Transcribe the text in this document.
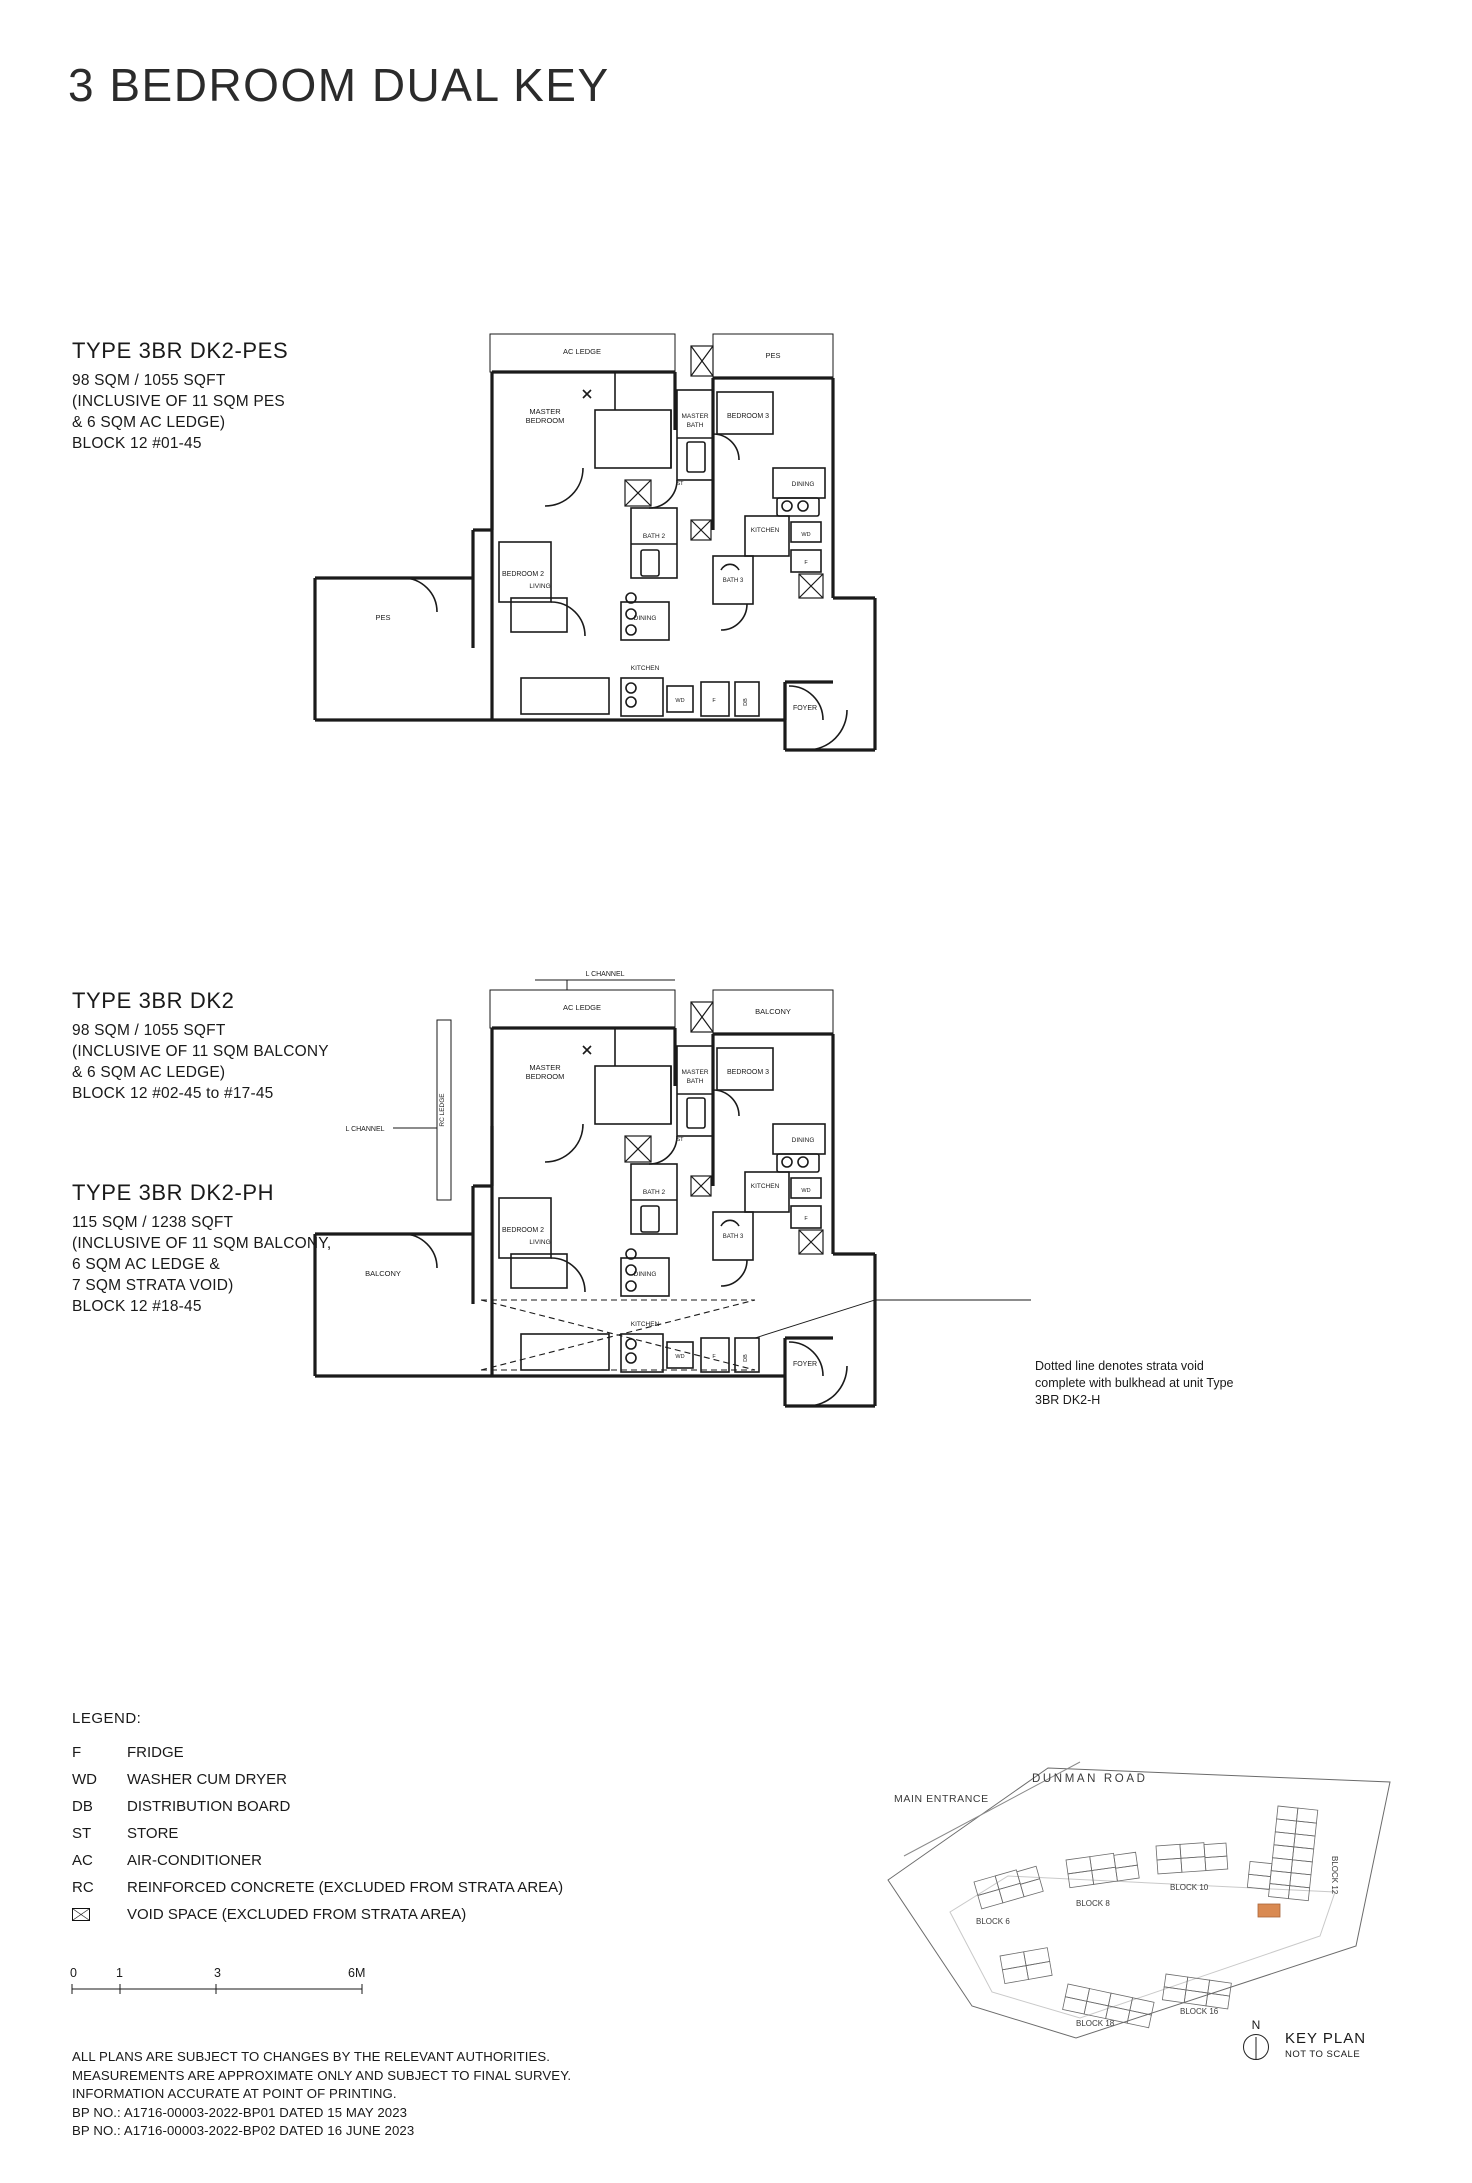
3 BEDROOM DUAL KEY
TYPE 3BR DK2-PES
98 SQM / 1055 SQFT
(INCLUSIVE OF 11 SQM PES
& 6 SQM AC LEDGE)
BLOCK 12 #01-45
TYPE 3BR DK2
98 SQM / 1055 SQFT
(INCLUSIVE OF 11 SQM BALCONY
& 6 SQM AC LEDGE)
BLOCK 12 #02-45 to #17-45
TYPE 3BR DK2-PH
115 SQM / 1238 SQFT
(INCLUSIVE OF 11 SQM BALCONY,
6 SQM AC LEDGE &
7 SQM STRATA VOID)
BLOCK 12 #18-45
AC LEDGE	PES
MASTER
BEDROOM	MASTER
BATH
BEDROOM 3
BEDROOM 2
BATH 2
BATH 3
DINING
KITCHEN
LIVING
PES	DINING
KITCHEN
FOYER
ST
WD
F
WD	F	DB
L CHANNEL
L CHANNEL
RC LEDGE
AC LEDGE	BALCONY
MASTER
BEDROOM	MASTER
BATH
BEDROOM 3
BEDROOM 2
BATH 2
BATH 3
DINING
KITCHEN
LIVING
BALCONY	DINING
KITCHEN
FOYER
ST
WD
F
WD	F	DB
Dotted line denotes strata void complete with bulkhead at unit Type 3BR DK2-H
LEGEND:
F	FRIDGE
WD	WASHER CUM DRYER
DB	DISTRIBUTION BOARD
ST	STORE
AC	AIR-CONDITIONER
RC	REINFORCED CONCRETE (EXCLUDED FROM STRATA AREA)
VOID SPACE (EXCLUDED FROM STRATA AREA)
0	1	3	6M
ALL PLANS ARE SUBJECT TO CHANGES BY THE RELEVANT AUTHORITIES.
MEASUREMENTS ARE APPROXIMATE ONLY AND SUBJECT TO FINAL SURVEY.
INFORMATION ACCURATE AT POINT OF PRINTING.
BP NO.: A1716-00003-2022-BP01 DATED 15 MAY 2023
BP NO.: A1716-00003-2022-BP02 DATED 16 JUNE 2023
MAIN ENTRANCE
DUNMAN ROAD
BLOCK 6
BLOCK 8
BLOCK 10	BLOCK 12
BLOCK 18
BLOCK 16
N
KEY PLAN
NOT TO SCALE
